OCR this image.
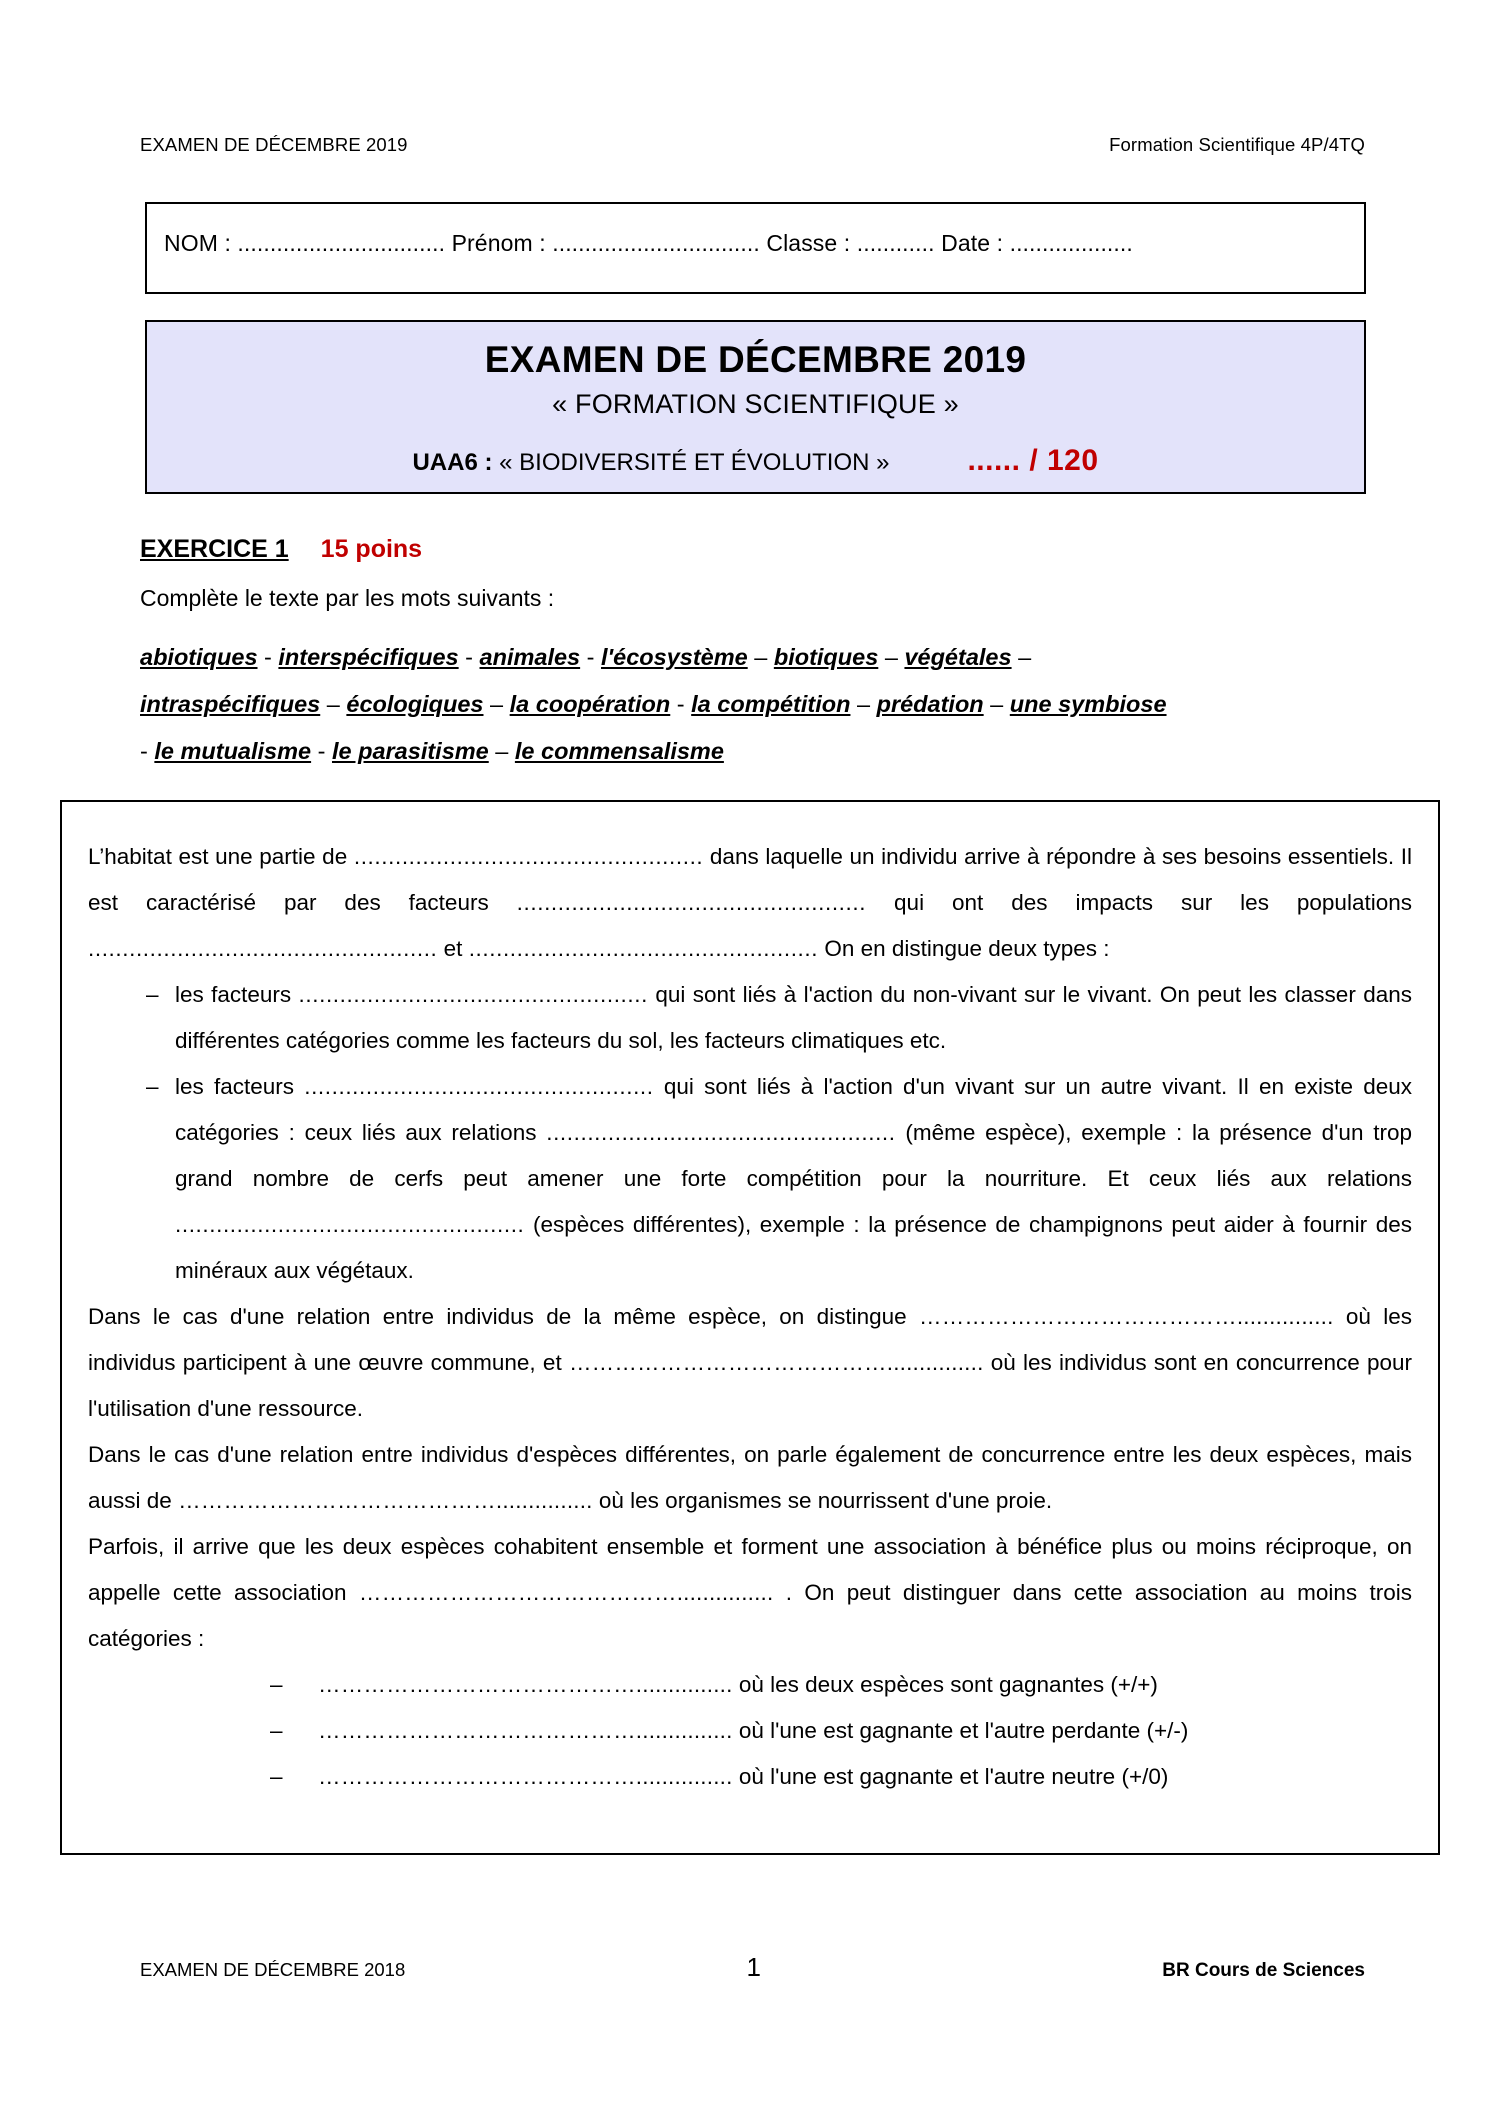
EXAMEN DE DÉCEMBRE 2019	Formation Scientifique 4P/4TQ
NOM : ................................ Prénom : ................................ Classe : ............ Date : ...................
EXAMEN DE DÉCEMBRE 2019
« FORMATION SCIENTIFIQUE »
UAA6 : « BIODIVERSITÉ ET ÉVOLUTION »	...... / 120
EXERCICE 1 15 poins
Complète le texte par les mots suivants :
abiotiques - interspécifiques - animales - l'écosystème – biotiques – végétales –
intraspécifiques – écologiques – la coopération - la compétition – prédation – une symbiose
- le mutualisme - le parasitisme – le commensalisme

L’habitat est une partie de ................................................... dans laquelle un individu arrive à répondre à ses besoins essentiels. Il est caractérisé par des facteurs ................................................... qui ont des impacts sur les populations ................................................... et ................................................... On en distingue deux types :

– les facteurs ................................................... qui sont liés à l'action du non-vivant sur le vivant. On peut les classer dans différentes catégories comme les facteurs du sol, les facteurs climatiques etc.
– les facteurs ................................................... qui sont liés à l'action d'un vivant sur un autre vivant. Il en existe deux catégories : ceux liés aux relations ................................................... (même espèce), exemple : la présence d'un trop grand nombre de cerfs peut amener une forte compétition pour la nourriture. Et ceux liés aux relations ................................................... (espèces différentes), exemple : la présence de champignons peut aider à fournir des minéraux aux végétaux.

Dans le cas d'une relation entre individus de la même espèce, on distingue ……………………………………............... où les individus participent à une œuvre commune, et ……………………………………............... où les individus sont en concurrence pour l'utilisation d'une ressource.

Dans le cas d'une relation entre individus d'espèces différentes, on parle également de concurrence entre les deux espèces, mais aussi de ……………………………………............... où les organismes se nourrissent d'une proie.

Parfois, il arrive que les deux espèces cohabitent ensemble et forment une association à bénéfice plus ou moins réciproque, on appelle cette association ……………………………………............... . On peut distinguer dans cette association au moins trois catégories :

– ……………………………………............... où les deux espèces sont gagnantes (+/+)
– ……………………………………............... où l'une est gagnante et l'autre perdante (+/-)
– ……………………………………............... où l'une est gagnante et l'autre neutre (+/0)
EXAMEN DE DÉCEMBRE 2018	1	BR Cours de Sciences
